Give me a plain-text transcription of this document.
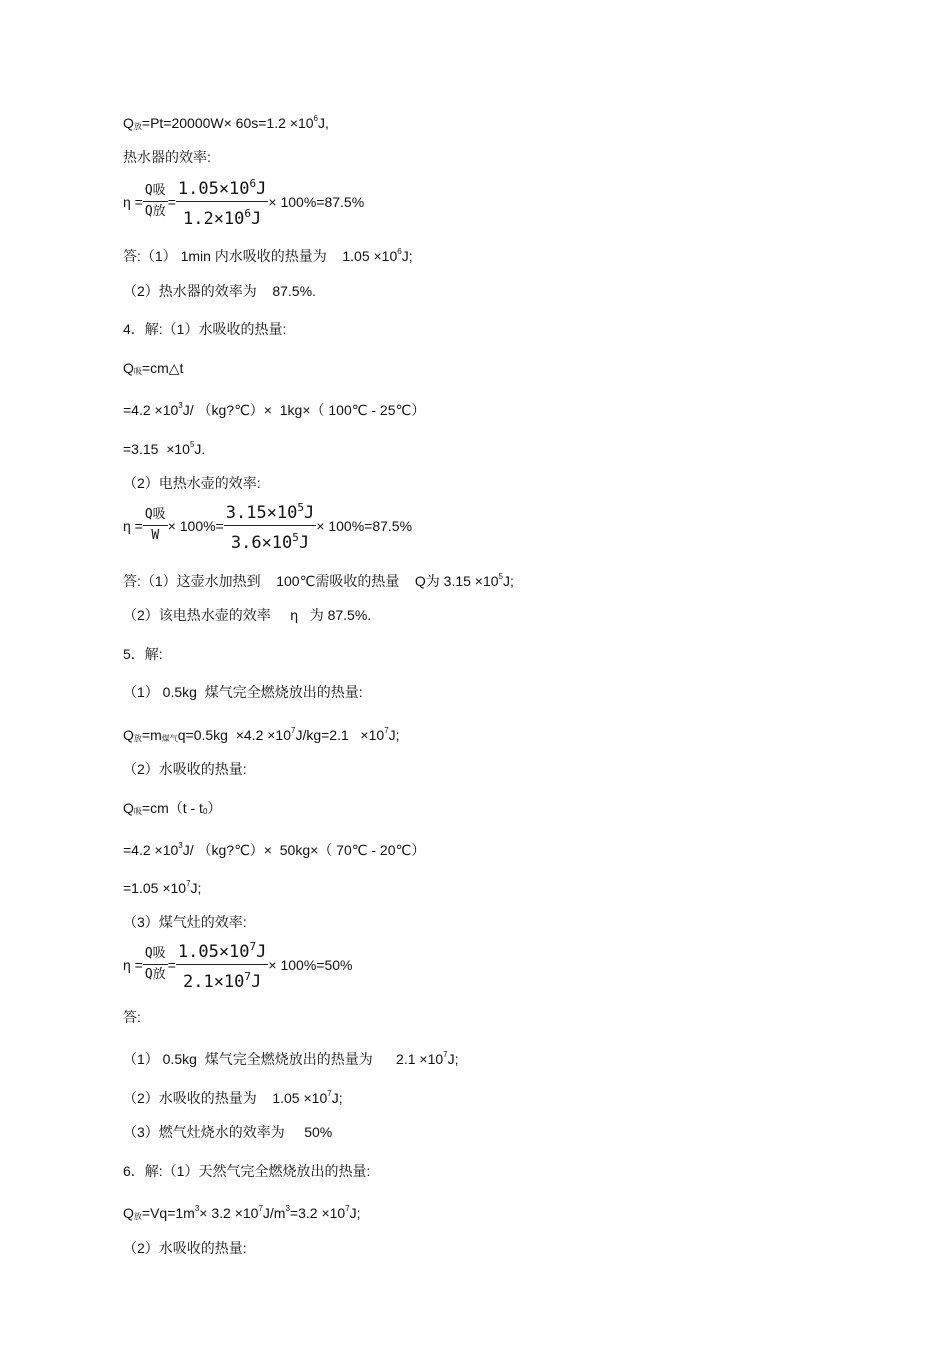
Q放$=Pt=20000W\times 60s=1.2 \times 10^6J$,
热水器的效率:
$\eta = \frac{\text{Q吸}}{\text{Q放}} = \frac{1.05\times 10^6J}{1.2\times 10^6J} \times 100\%=87.5\%$
答:（1） 1min 内水吸收的热量为    $1.05 \times 10^6J$;
（2）热水器的效率为    87.5%.
4．解:（1）水吸收的热量:
Q吸=cm△t
$=4.2 \times 10^3J/$ （kg?℃）×  1kg×（ 100℃ - 25℃）
$=3.15 \times 10^5J$.
（2）电热水壶的效率:
$\eta = \frac{\text{Q吸}}{W} \times 100\%= \frac{3.15\times 10^5J}{3.6\times 10^5J} \times 100\%=87.5\%$
答:（1）这壶水加热到    100℃需吸收的热量    Q为 $3.15 \times 10^5J$;
（2）该电热水壶的效率     η   为 87.5%.
5．解:
（1） 0.5kg  煤气完全燃烧放出的热量:
Q放=m煤气$q=0.5kg \times 4.2 \times 10^7J/kg=2.1 \times 10^7J$;
（2）水吸收的热量:
Q吸=cm（t - t0）
$=4.2 \times 10^3J/$ （kg?℃）×  50kg×（ 70℃ - 20℃）
$=1.05 \times 10^7J$;
（3）煤气灶的效率:
$\eta = \frac{\text{Q吸}}{\text{Q放}} = \frac{1.05\times 10^7J}{2.1\times 10^7J} \times 100\%=50\%$
答:
（1） 0.5kg  煤气完全燃烧放出的热量为      $2.1 \times 10^7J$;
（2）水吸收的热量为    $1.05 \times 10^7J$;
（3）燃气灶烧水的效率为     50%
6．解:（1）天然气完全燃烧放出的热量:
Q放$=Vq=1m^3\times 3.2 \times 10^7J/m^3=3.2 \times 10^7J$;
（2）水吸收的热量:
